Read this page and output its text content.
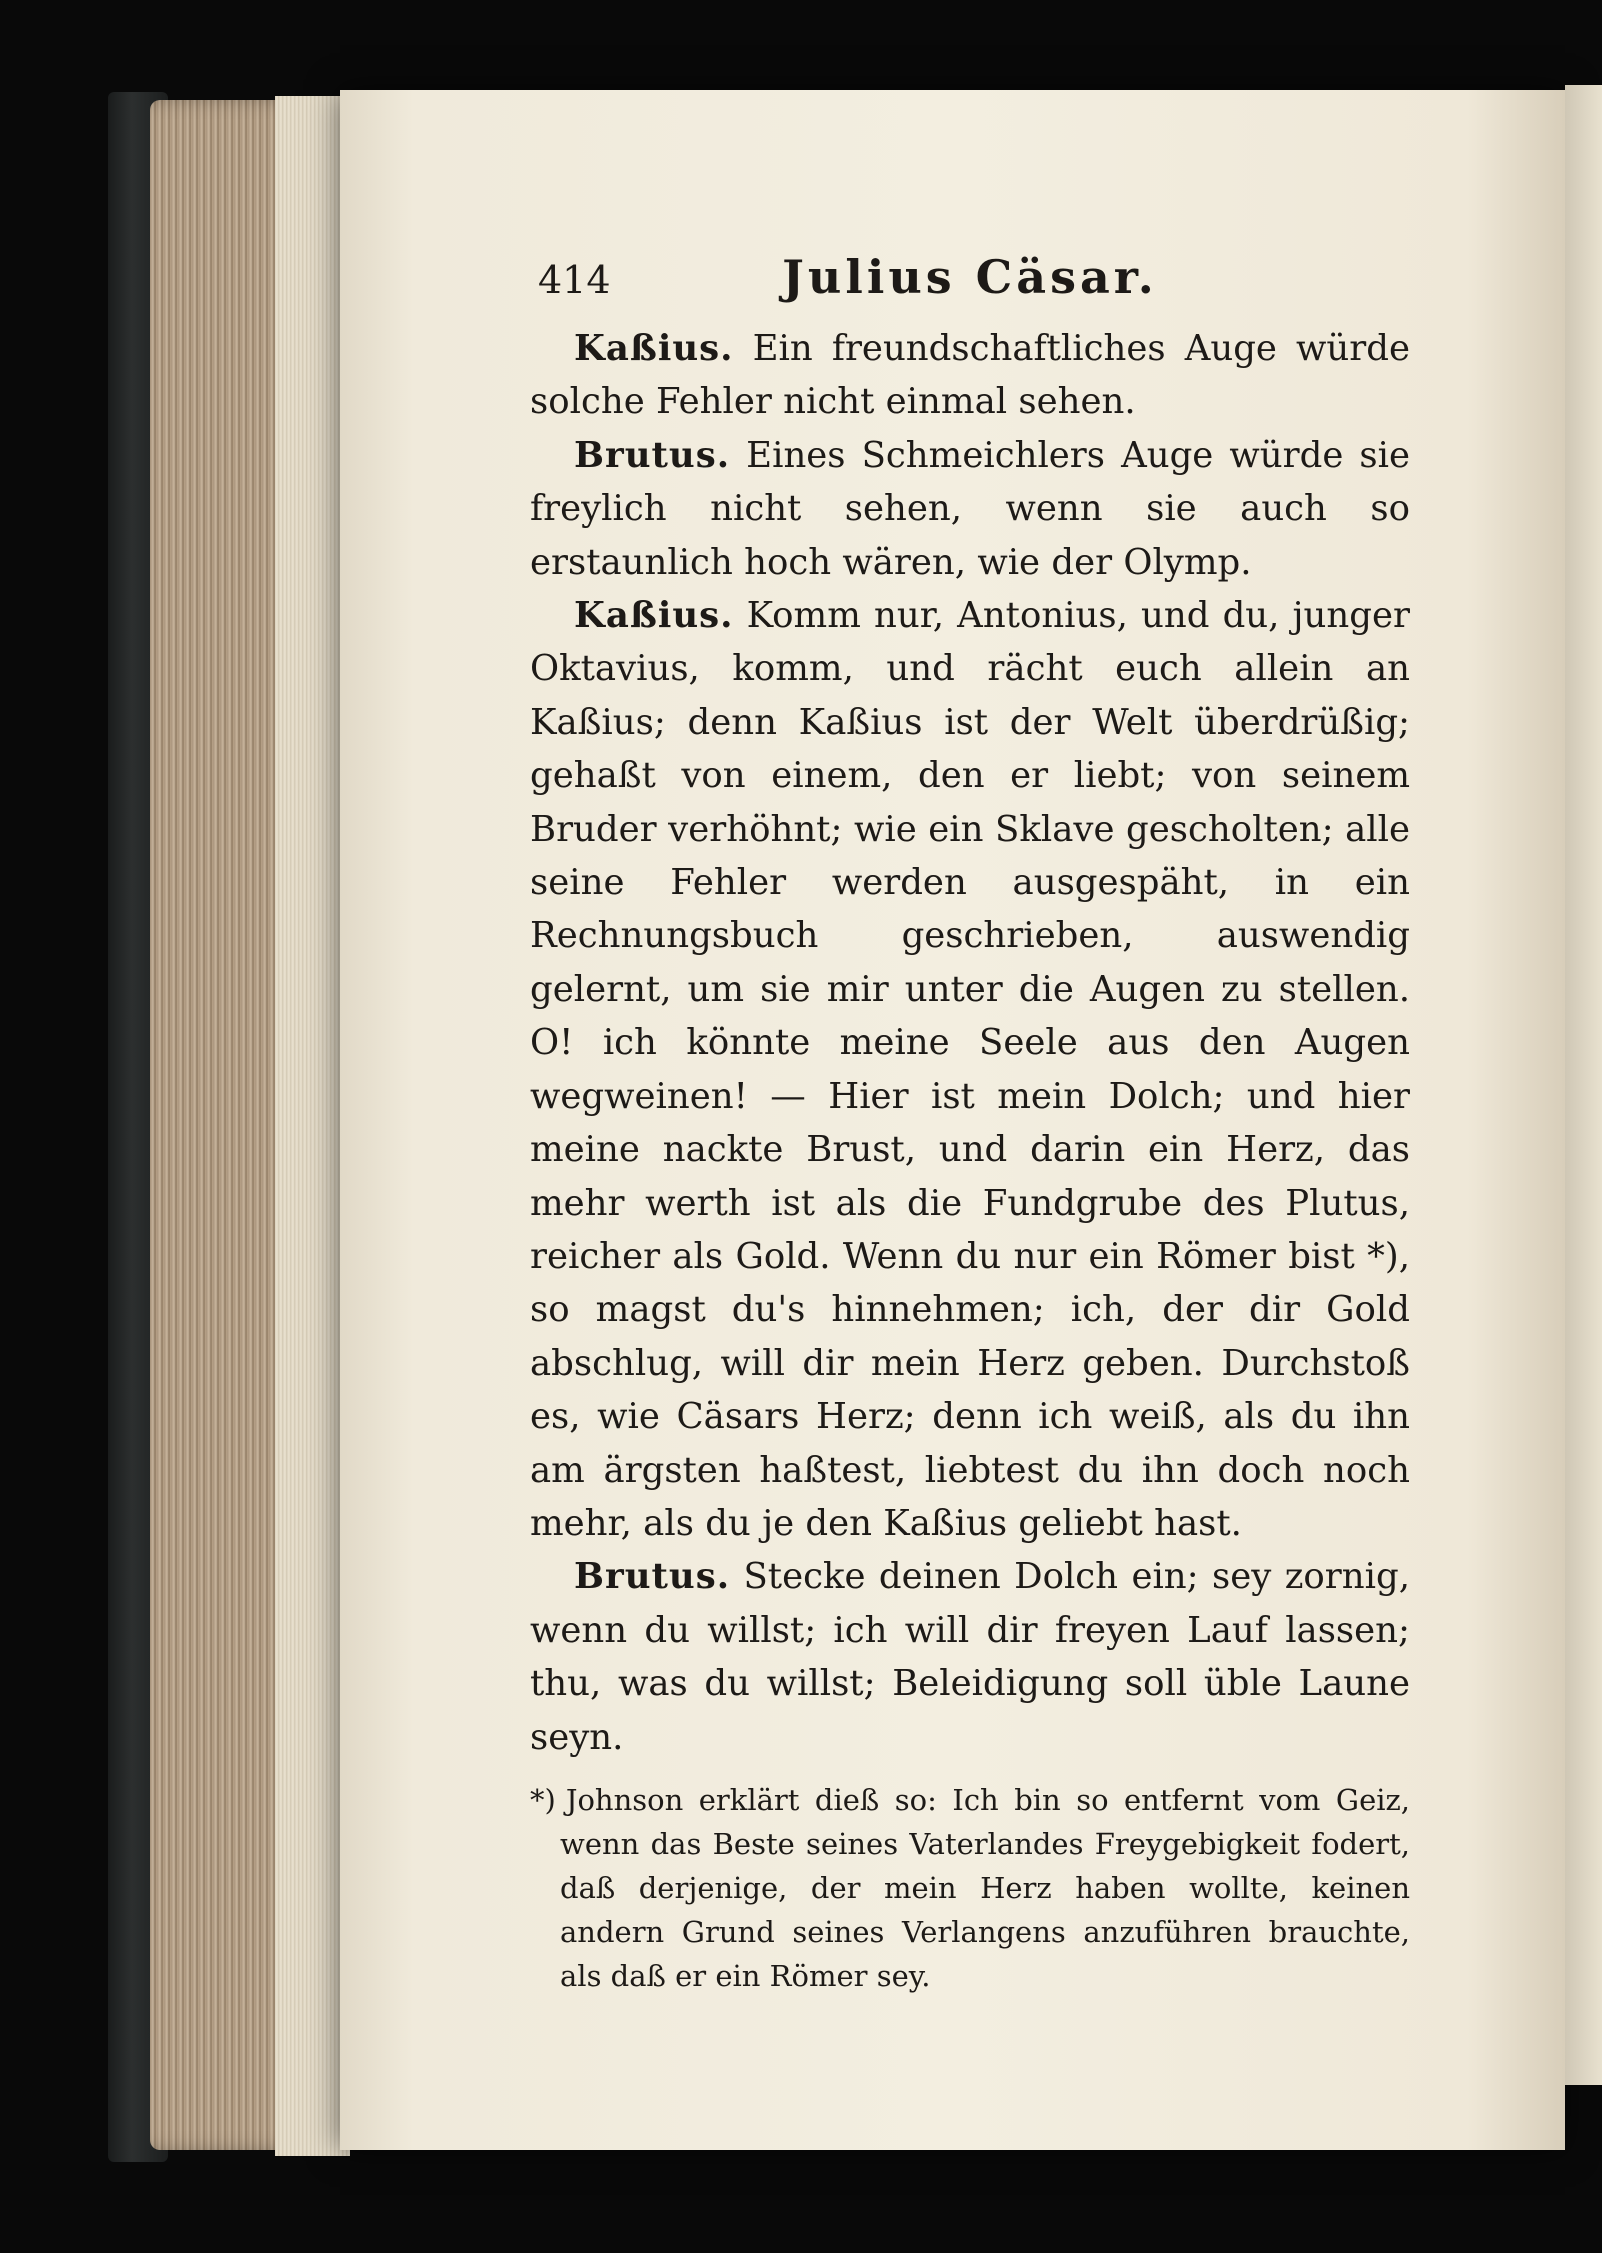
414	Julius Cäsar.

Kaßius. Ein freundschaftliches Auge würde solche Fehler nicht einmal sehen.

Brutus. Eines Schmeichlers Auge würde sie freylich nicht sehen, wenn sie auch so erstaunlich hoch wären, wie der Olymp.

Kaßius. Komm nur, Antonius, und du, junger Oktavius, komm, und rächt euch allein an Kaßius; denn Kaßius ist der Welt überdrüßig; gehaßt von einem, den er liebt; von seinem Bruder verhöhnt; wie ein Sklave gescholten; alle seine Fehler werden ausgespäht, in ein Rechnungsbuch geschrieben, auswendig gelernt, um sie mir unter die Augen zu stellen. O! ich könnte meine Seele aus den Augen wegweinen! — Hier ist mein Dolch; und hier meine nackte Brust, und darin ein Herz, das mehr werth ist als die Fundgrube des Plutus, reicher als Gold. Wenn du nur ein Römer bist *), so magst du's hinnehmen; ich, der dir Gold abschlug, will dir mein Herz geben. Durchstoß es, wie Cäsars Herz; denn ich weiß, als du ihn am ärgsten haßtest, liebtest du ihn doch noch mehr, als du je den Kaßius geliebt hast.

Brutus. Stecke deinen Dolch ein; sey zornig, wenn du willst; ich will dir freyen Lauf lassen; thu, was du willst; Beleidigung soll üble Laune seyn.

*) Johnson erklärt dieß so: Ich bin so entfernt vom Geiz, wenn das Beste seines Vaterlandes Freygebigkeit fodert, daß derjenige, der mein Herz haben wollte, keinen andern Grund seines Verlangens anzuführen brauchte, als daß er ein Römer sey.
